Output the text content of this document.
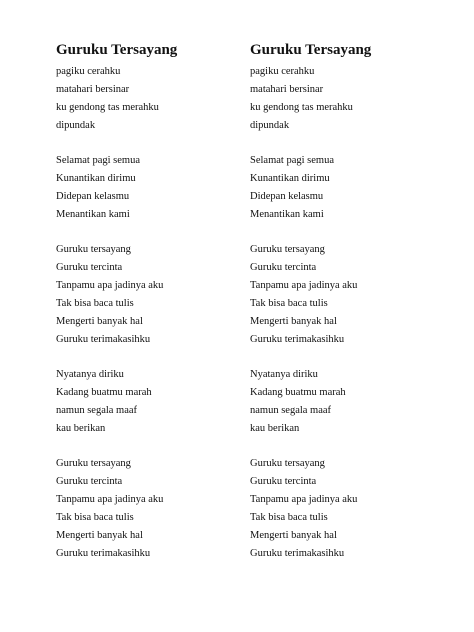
Guruku Tersayang
pagiku cerahku
matahari bersinar
ku gendong tas merahku
dipundak
Selamat pagi semua
Kunantikan dirimu
Didepan kelasmu
Menantikan kami
Guruku tersayang
Guruku tercinta
Tanpamu apa jadinya aku
Tak bisa baca tulis
Mengerti banyak hal
Guruku terimakasihku
Nyatanya diriku
Kadang buatmu marah
namun segala maaf
kau berikan
Guruku tersayang
Guruku tercinta
Tanpamu apa jadinya aku
Tak bisa baca tulis
Mengerti banyak hal
Guruku terimakasihku
Guruku Tersayang
pagiku cerahku
matahari bersinar
ku gendong tas merahku
dipundak
Selamat pagi semua
Kunantikan dirimu
Didepan kelasmu
Menantikan kami
Guruku tersayang
Guruku tercinta
Tanpamu apa jadinya aku
Tak bisa baca tulis
Mengerti banyak hal
Guruku terimakasihku
Nyatanya diriku
Kadang buatmu marah
namun segala maaf
kau berikan
Guruku tersayang
Guruku tercinta
Tanpamu apa jadinya aku
Tak bisa baca tulis
Mengerti banyak hal
Guruku terimakasihku
